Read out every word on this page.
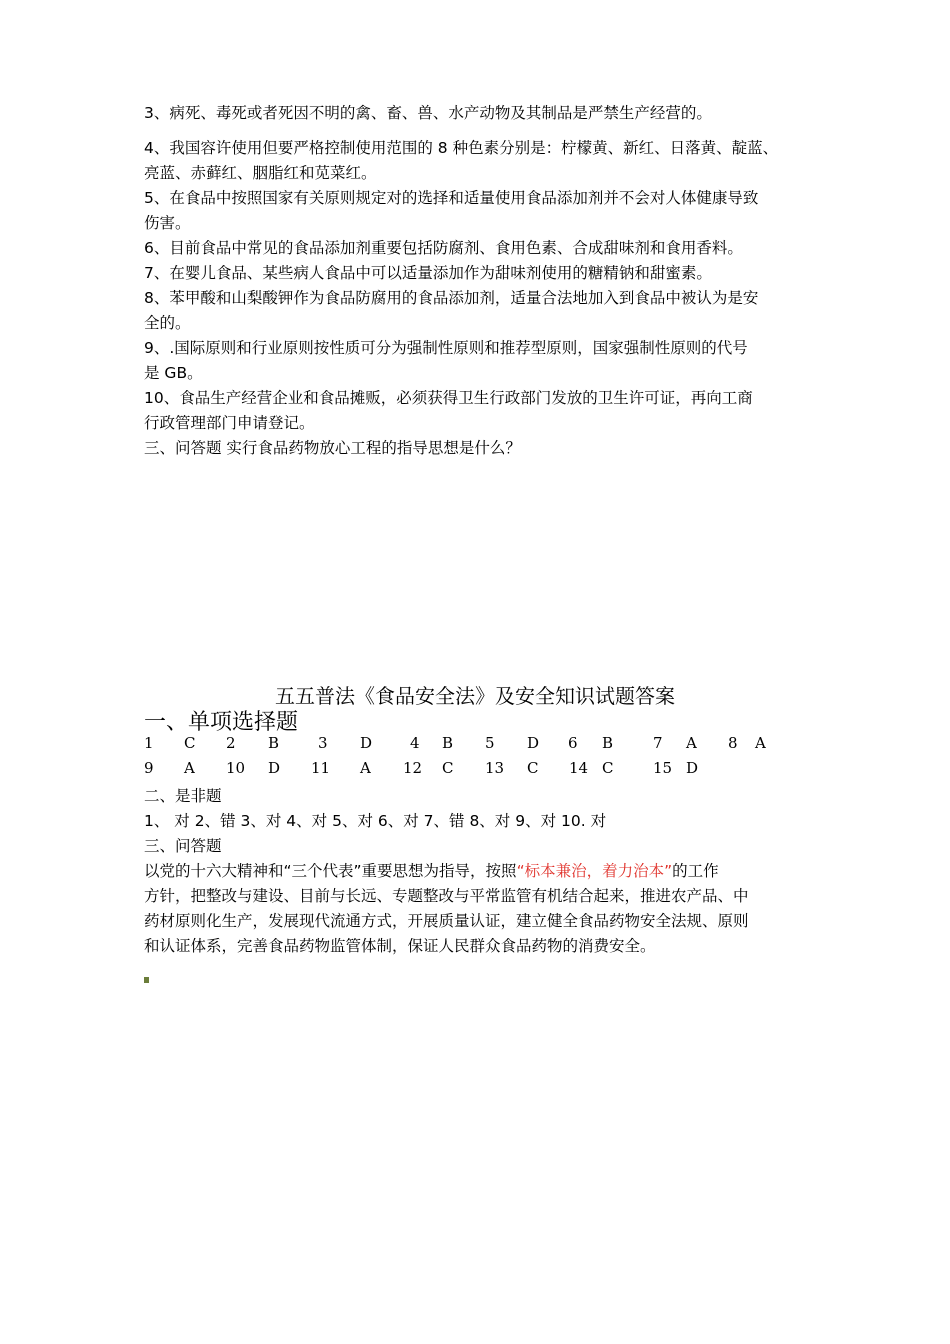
3、病死、毒死或者死因不明的禽、畜、兽、水产动物及其制品是严禁生产经营的。
4、我国容许使用但要严格控制使用范围的 8 种色素分别是：柠檬黄、新红、日落黄、靛蓝、
亮蓝、赤藓红、胭脂红和苋菜红。
5、在食品中按照国家有关原则规定对的选择和适量使用食品添加剂并不会对人体健康导致
伤害。
6、目前食品中常见的食品添加剂重要包括防腐剂、食用色素、合成甜味剂和食用香料。
7、在婴儿食品、某些病人食品中可以适量添加作为甜味剂使用的糖精钠和甜蜜素。
8、苯甲酸和山梨酸钾作为食品防腐用的食品添加剂，适量合法地加入到食品中被认为是安
全的。
9、.国际原则和行业原则按性质可分为强制性原则和推荐型原则，国家强制性原则的代号
是 GB。
10、食品生产经营企业和食品摊贩，必须获得卫生行政部门发放的卫生许可证，再向工商
行政管理部门申请登记。
三、问答题 实行食品药物放心工程的指导思想是什么？
五五普法《食品安全法》及安全知识试题答案
一、单项选择题
1 C 2 B	3 D	4 B 5 D 6 B	7 A 8 A
9 A 10 D 11 A 12 C 13 C 14 C	15 D
二、是非题
1、 对 2、错 3、对 4、对 5、对 6、对 7、错 8、对 9、对 10. 对
三、问答题
以党的十六大精神和“三个代表”重要思想为指导，按照“标本兼治，着力治本”的工作
方针，把整改与建设、目前与长远、专题整改与平常监管有机结合起来，推进农产品、中
药材原则化生产，发展现代流通方式，开展质量认证，建立健全食品药物安全法规、原则
和认证体系，完善食品药物监管体制，保证人民群众食品药物的消费安全。
